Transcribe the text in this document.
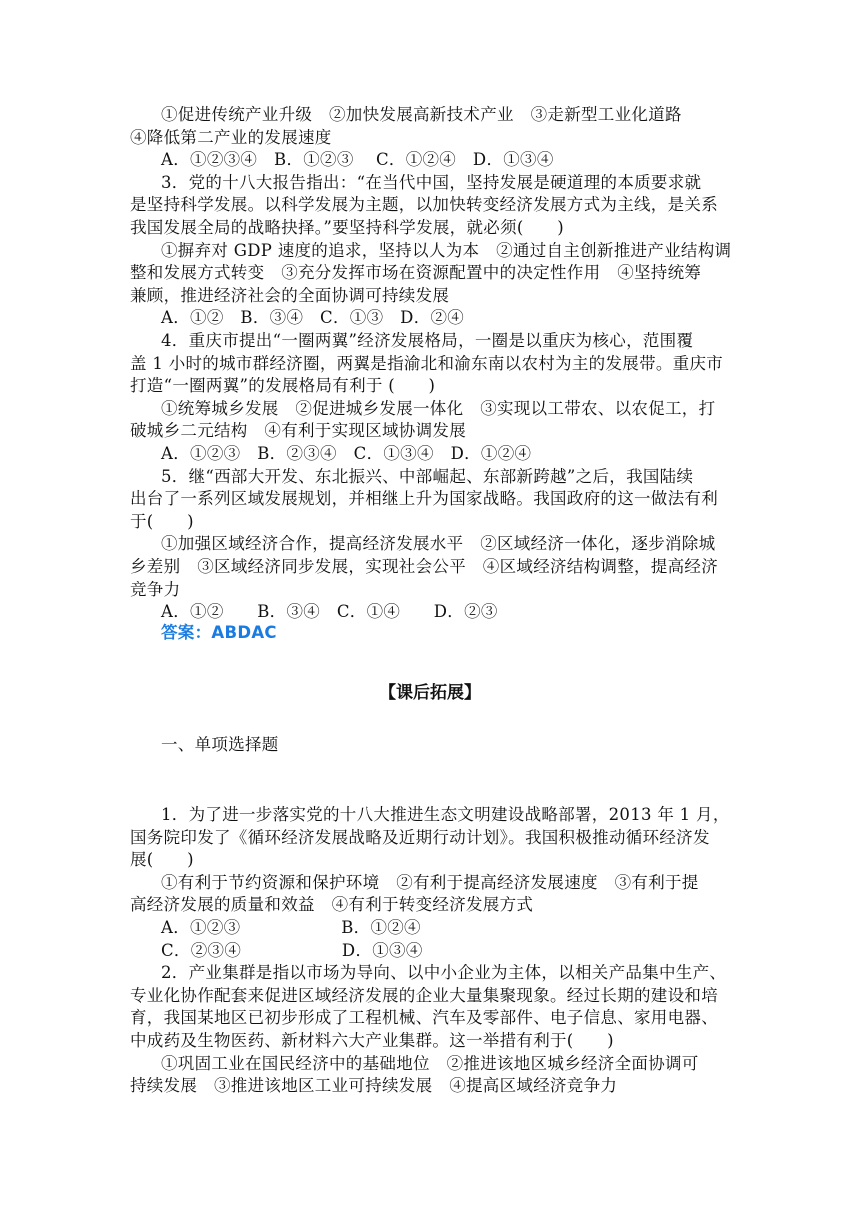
①促进传统产业升级　②加快发展高新技术产业　③走新型工业化道路
④降低第二产业的发展速度
A．①②③④　B．①②③　 C．①②④　D．①③④
3．党的十八大报告指出：“在当代中国，坚持发展是硬道理的本质要求就
是坚持科学发展。以科学发展为主题，以加快转变经济发展方式为主线，是关系
我国发展全局的战略抉择。”要坚持科学发展，就必须(　　)
①摒弃对 GDP 速度的追求，坚持以人为本　②通过自主创新推进产业结构调
整和发展方式转变　③充分发挥市场在资源配置中的决定性作用　④坚持统筹
兼顾，推进经济社会的全面协调可持续发展
A．①②　B．③④　C．①③　D．②④
4．重庆市提出“一圈两翼”经济发展格局，一圈是以重庆为核心，范围覆
盖 1 小时的城市群经济圈，两翼是指渝北和渝东南以农村为主的发展带。重庆市
打造“一圈两翼”的发展格局有利于 (　　)
①统筹城乡发展　②促进城乡发展一体化　③实现以工带农、以农促工，打
破城乡二元结构　④有利于实现区域协调发展
A．①②③　B．②③④　C．①③④　D．①②④
5．继“西部大开发、东北振兴、中部崛起、东部新跨越”之后，我国陆续
出台了一系列区域发展规划，并相继上升为国家战略。我国政府的这一做法有利
于(　　)
①加强区域经济合作，提高经济发展水平　②区域经济一体化，逐步消除城
乡差别　③区域经济同步发展，实现社会公平　④区域经济结构调整，提高经济
竞争力
A．①②　　B．③④　C．①④　　D．②③
答案：ABDAC
【课后拓展】
一、单项选择题
1．为了进一步落实党的十八大推进生态文明建设战略部署，2013 年 1 月，
国务院印发了《循环经济发展战略及近期行动计划》。我国积极推动循环经济发
展(　　)
①有利于节约资源和保护环境　②有利于提高经济发展速度　③有利于提
高经济发展的质量和效益　④有利于转变经济发展方式
A．①②③　　　　　　B．①②④
C．②③④　　　　　　D．①③④
2．产业集群是指以市场为导向、以中小企业为主体，以相关产品集中生产、
专业化协作配套来促进区域经济发展的企业大量集聚现象。经过长期的建设和培
育，我国某地区已初步形成了工程机械、汽车及零部件、电子信息、家用电器、
中成药及生物医药、新材料六大产业集群。这一举措有利于(　　)
①巩固工业在国民经济中的基础地位　②推进该地区城乡经济全面协调可
持续发展　③推进该地区工业可持续发展　④提高区域经济竞争力
